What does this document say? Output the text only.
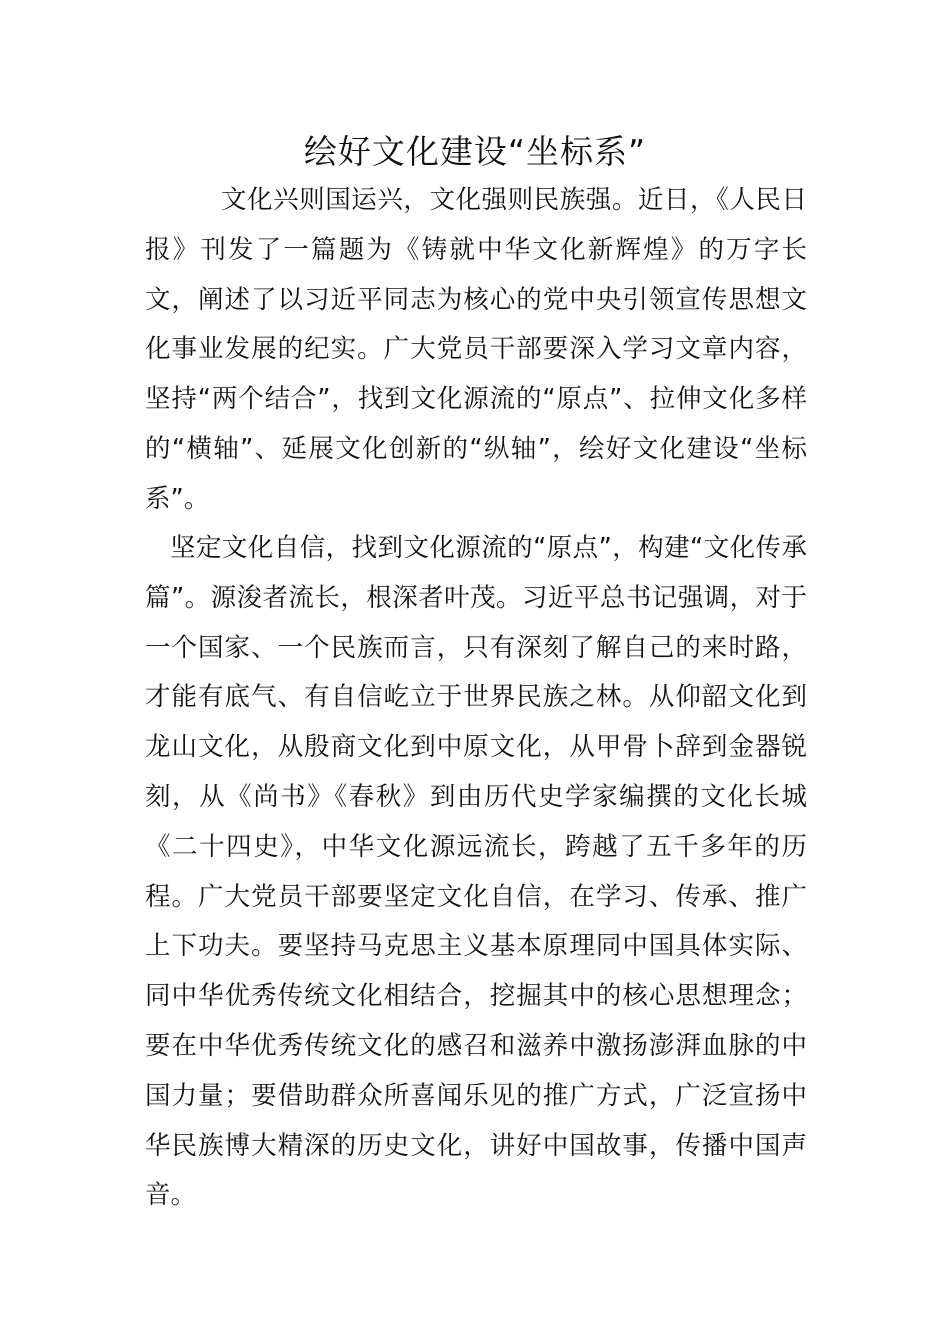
绘好文化建设“坐标系”

文化兴则国运兴，文化强则民族强。近日，《人民日报》刊发了一篇题为《铸就中华文化新辉煌》的万字长文，阐述了以习近平同志为核心的党中央引领宣传思想文化事业发展的纪实。广大党员干部要深入学习文章内容，坚持“两个结合”，找到文化源流的“原点”、拉伸文化多样的“横轴”、延展文化创新的“纵轴”，绘好文化建设“坐标系”。

坚定文化自信，找到文化源流的“原点”，构建“文化传承篇”。源浚者流长，根深者叶茂。习近平总书记强调，对于一个国家、一个民族而言，只有深刻了解自己的来时路，才能有底气、有自信屹立于世界民族之林。从仰韶文化到龙山文化，从殷商文化到中原文化，从甲骨卜辞到金器锐刻，从《尚书》《春秋》到由历代史学家编撰的文化长城《二十四史》，中华文化源远流长，跨越了五千多年的历程。广大党员干部要坚定文化自信，在学习、传承、推广上下功夫。要坚持马克思主义基本原理同中国具体实际、同中华优秀传统文化相结合，挖掘其中的核心思想理念；要在中华优秀传统文化的感召和滋养中激扬澎湃血脉的中国力量；要借助群众所喜闻乐见的推广方式，广泛宣扬中华民族博大精深的历史文化，讲好中国故事，传播中国声音。
